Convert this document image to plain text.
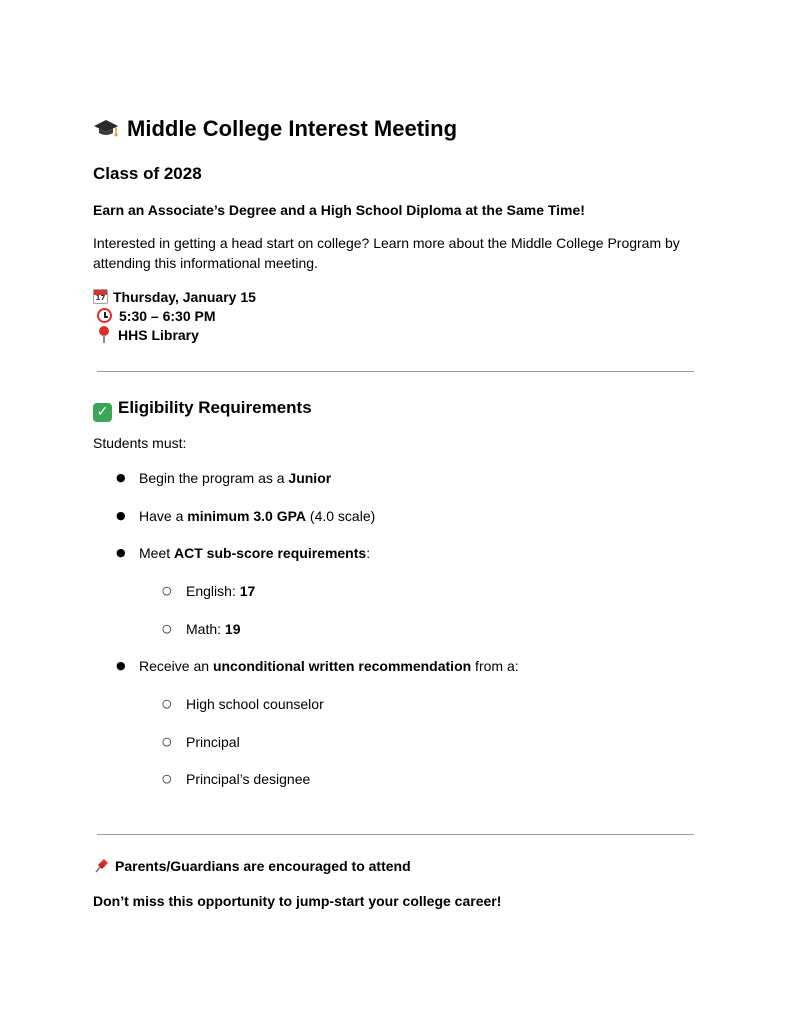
Middle College Interest Meeting
Class of 2028
Earn an Associate’s Degree and a High School Diploma at the Same Time!
Interested in getting a head start on college? Learn more about the Middle College Program by attending this informational meeting.
17 Thursday, January 15
5:30 – 6:30 PM
HHS Library
✓ Eligibility Requirements
Students must:
● Begin the program as a Junior
● Have a minimum 3.0 GPA (4.0 scale)
● Meet ACT sub-score requirements:
○ English: 17
○ Math: 19
● Receive an unconditional written recommendation from a:
○ High school counselor
○ Principal
○ Principal’s designee
Parents/Guardians are encouraged to attend
Don’t miss this opportunity to jump-start your college career!
